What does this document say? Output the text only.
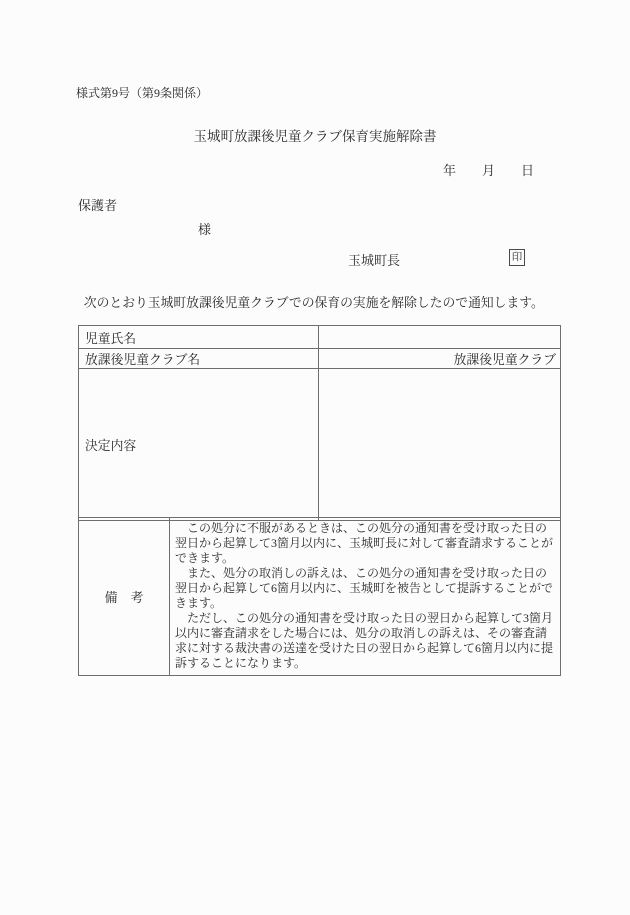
様式第9号（第9条関係）
玉城町放課後児童クラブ保育実施解除書
年　　月　　日
保護者
様
玉城町長	印
　次のとおり玉城町放課後児童クラブでの保育の実施を解除したので通知します。
児童氏名	
放課後児童クラブ名	放課後児童クラブ
決定内容	
備　考	
　この処分に不服があるときは、この処分の通知書を受け取った日の
翌日から起算して3箇月以内に、玉城町長に対して審査請求することが
できます。
　また、処分の取消しの訴えは、この処分の通知書を受け取った日の
翌日から起算して6箇月以内に、玉城町を被告として提訴することがで
きます。
　ただし、この処分の通知書を受け取った日の翌日から起算して3箇月
以内に審査請求をした場合には、処分の取消しの訴えは、その審査請
求に対する裁決書の送達を受けた日の翌日から起算して6箇月以内に提
訴することになります。
